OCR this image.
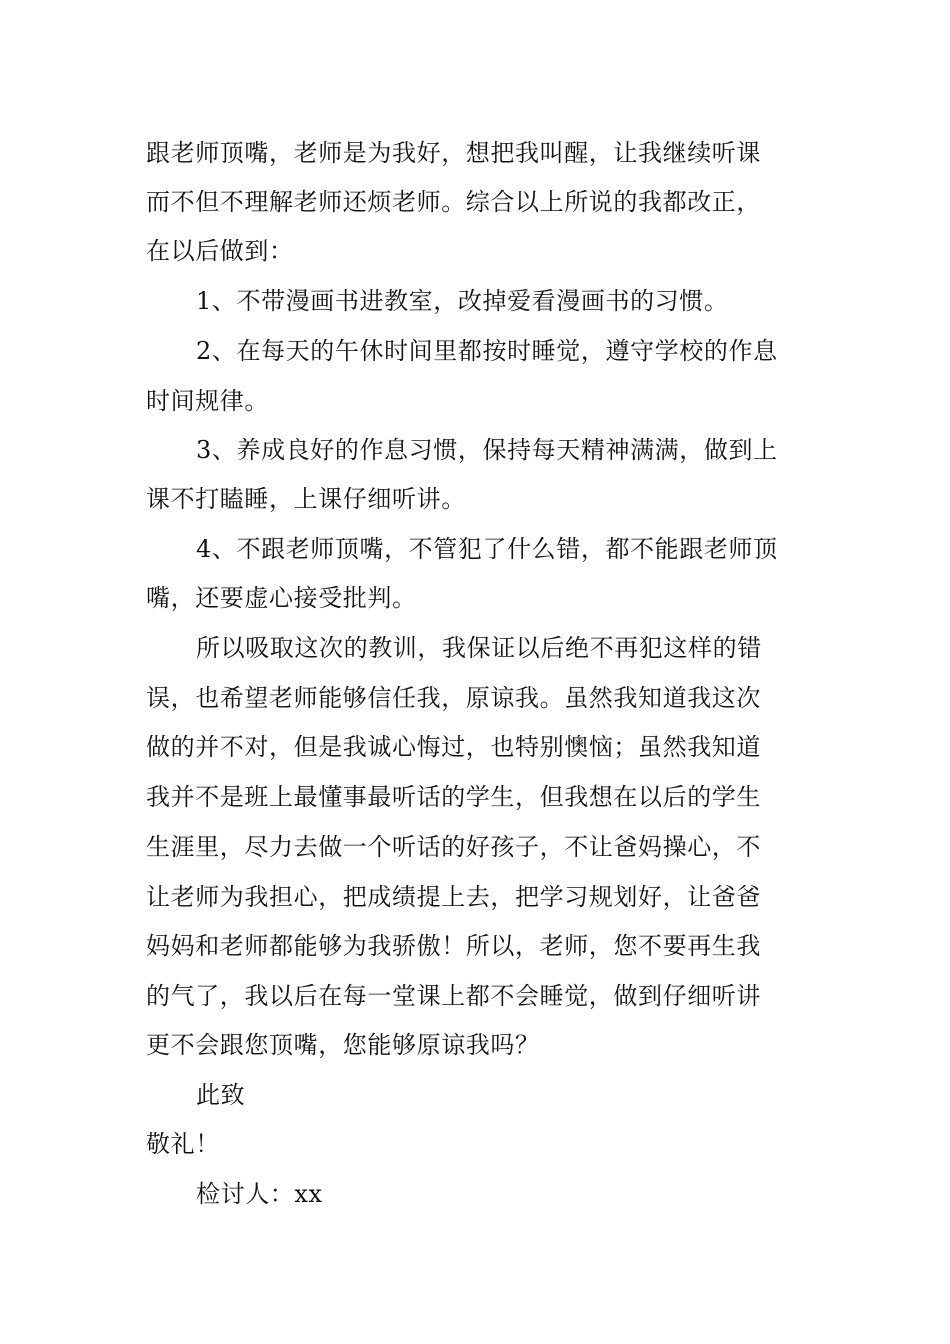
跟老师顶嘴，老师是为我好，想把我叫醒，让我继续听课
而不但不理解老师还烦老师。综合以上所说的我都改正，
在以后做到：
1、不带漫画书进教室，改掉爱看漫画书的习惯。
2、在每天的午休时间里都按时睡觉，遵守学校的作息
时间规律。
3、养成良好的作息习惯，保持每天精神满满，做到上
课不打瞌睡，上课仔细听讲。
4、不跟老师顶嘴，不管犯了什么错，都不能跟老师顶
嘴，还要虚心接受批判。
所以吸取这次的教训，我保证以后绝不再犯这样的错
误，也希望老师能够信任我，原谅我。虽然我知道我这次
做的并不对，但是我诚心悔过，也特别懊恼；虽然我知道
我并不是班上最懂事最听话的学生，但我想在以后的学生
生涯里，尽力去做一个听话的好孩子，不让爸妈操心，不
让老师为我担心，把成绩提上去，把学习规划好，让爸爸
妈妈和老师都能够为我骄傲！所以，老师，您不要再生我
的气了，我以后在每一堂课上都不会睡觉，做到仔细听讲
更不会跟您顶嘴，您能够原谅我吗？
此致
敬礼！
检讨人：xx
